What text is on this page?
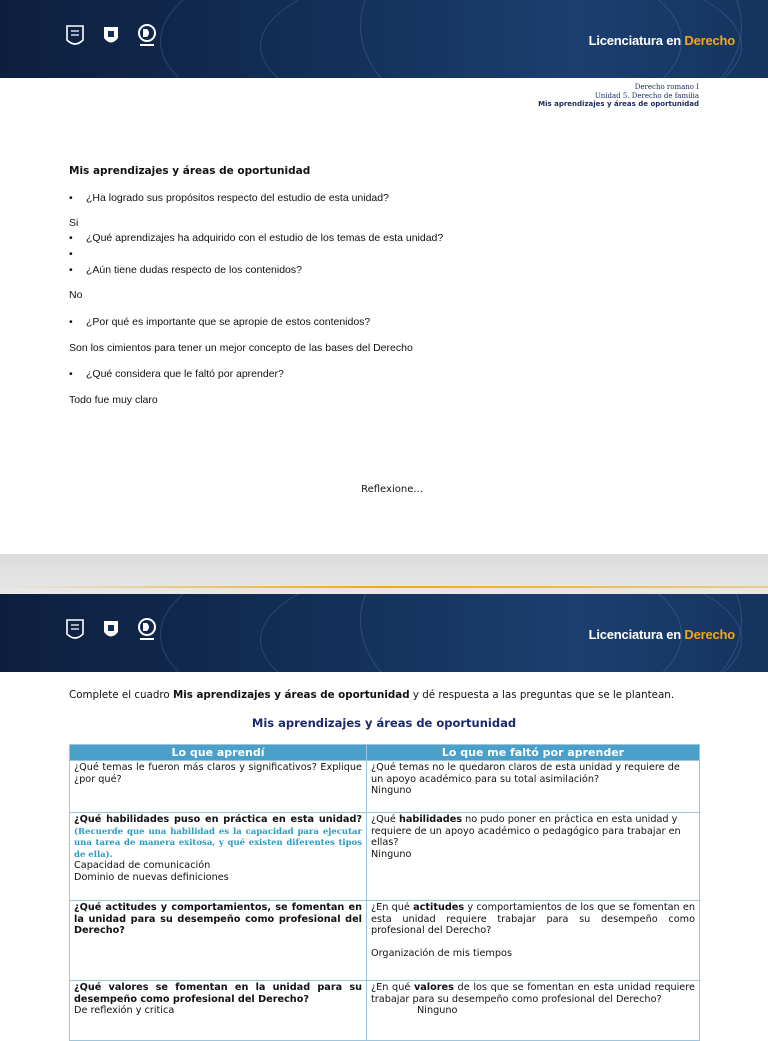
Licenciatura en Derecho
Derecho romano I
Unidad 5. Derecho de familia
Mis aprendizajes y áreas de oportunidad
Mis aprendizajes y áreas de oportunidad
• ¿Ha logrado sus propósitos respecto del estudio de esta unidad?
Si
• ¿Qué aprendizajes ha adquirido con el estudio de los temas de esta unidad?
•
• ¿Aún tiene dudas respecto de los contenidos?
No
• ¿Por qué es importante que se apropie de estos contenidos?
Son los cimientos para tener un mejor concepto de las bases del Derecho
• ¿Qué considera que le faltó por aprender?
Todo fue muy claro
Reflexione...
Licenciatura en Derecho
Complete el cuadro Mis aprendizajes y áreas de oportunidad y dé respuesta a las preguntas que se le plantean.
Mis aprendizajes y áreas de oportunidad
Lo que aprendí	Lo que me faltó por aprender
¿Qué temas le fueron más claros y significativos? Explique ¿por qué?	¿Qué temas no le quedaron claros de esta unidad y requiere de un apoyo académico para su total asimilación?
Ninguno
¿Qué habilidades puso en práctica en esta unidad? (Recuerde que una habilidad es la capacidad para ejecutar una tarea de manera exitosa, y qué existen diferentes tipos de ella).
Capacidad de comunicación
Dominio de nuevas definiciones	¿Qué habilidades no pudo poner en práctica en esta unidad y requiere de un apoyo académico o pedagógico para trabajar en ellas?
Ninguno
¿Qué actitudes y comportamientos, se fomentan en la unidad para su desempeño como profesional del Derecho?	¿En qué actitudes y comportamientos de los que se fomentan en esta unidad requiere trabajar para su desempeño como profesional del Derecho?

Organización de mis tiempos
¿Qué valores se fomentan en la unidad para su desempeño como profesional del Derecho?
De reflexión y critica	¿En qué valores de los que se fomentan en esta unidad requiere trabajar para su desempeño como profesional del Derecho?
Ninguno
